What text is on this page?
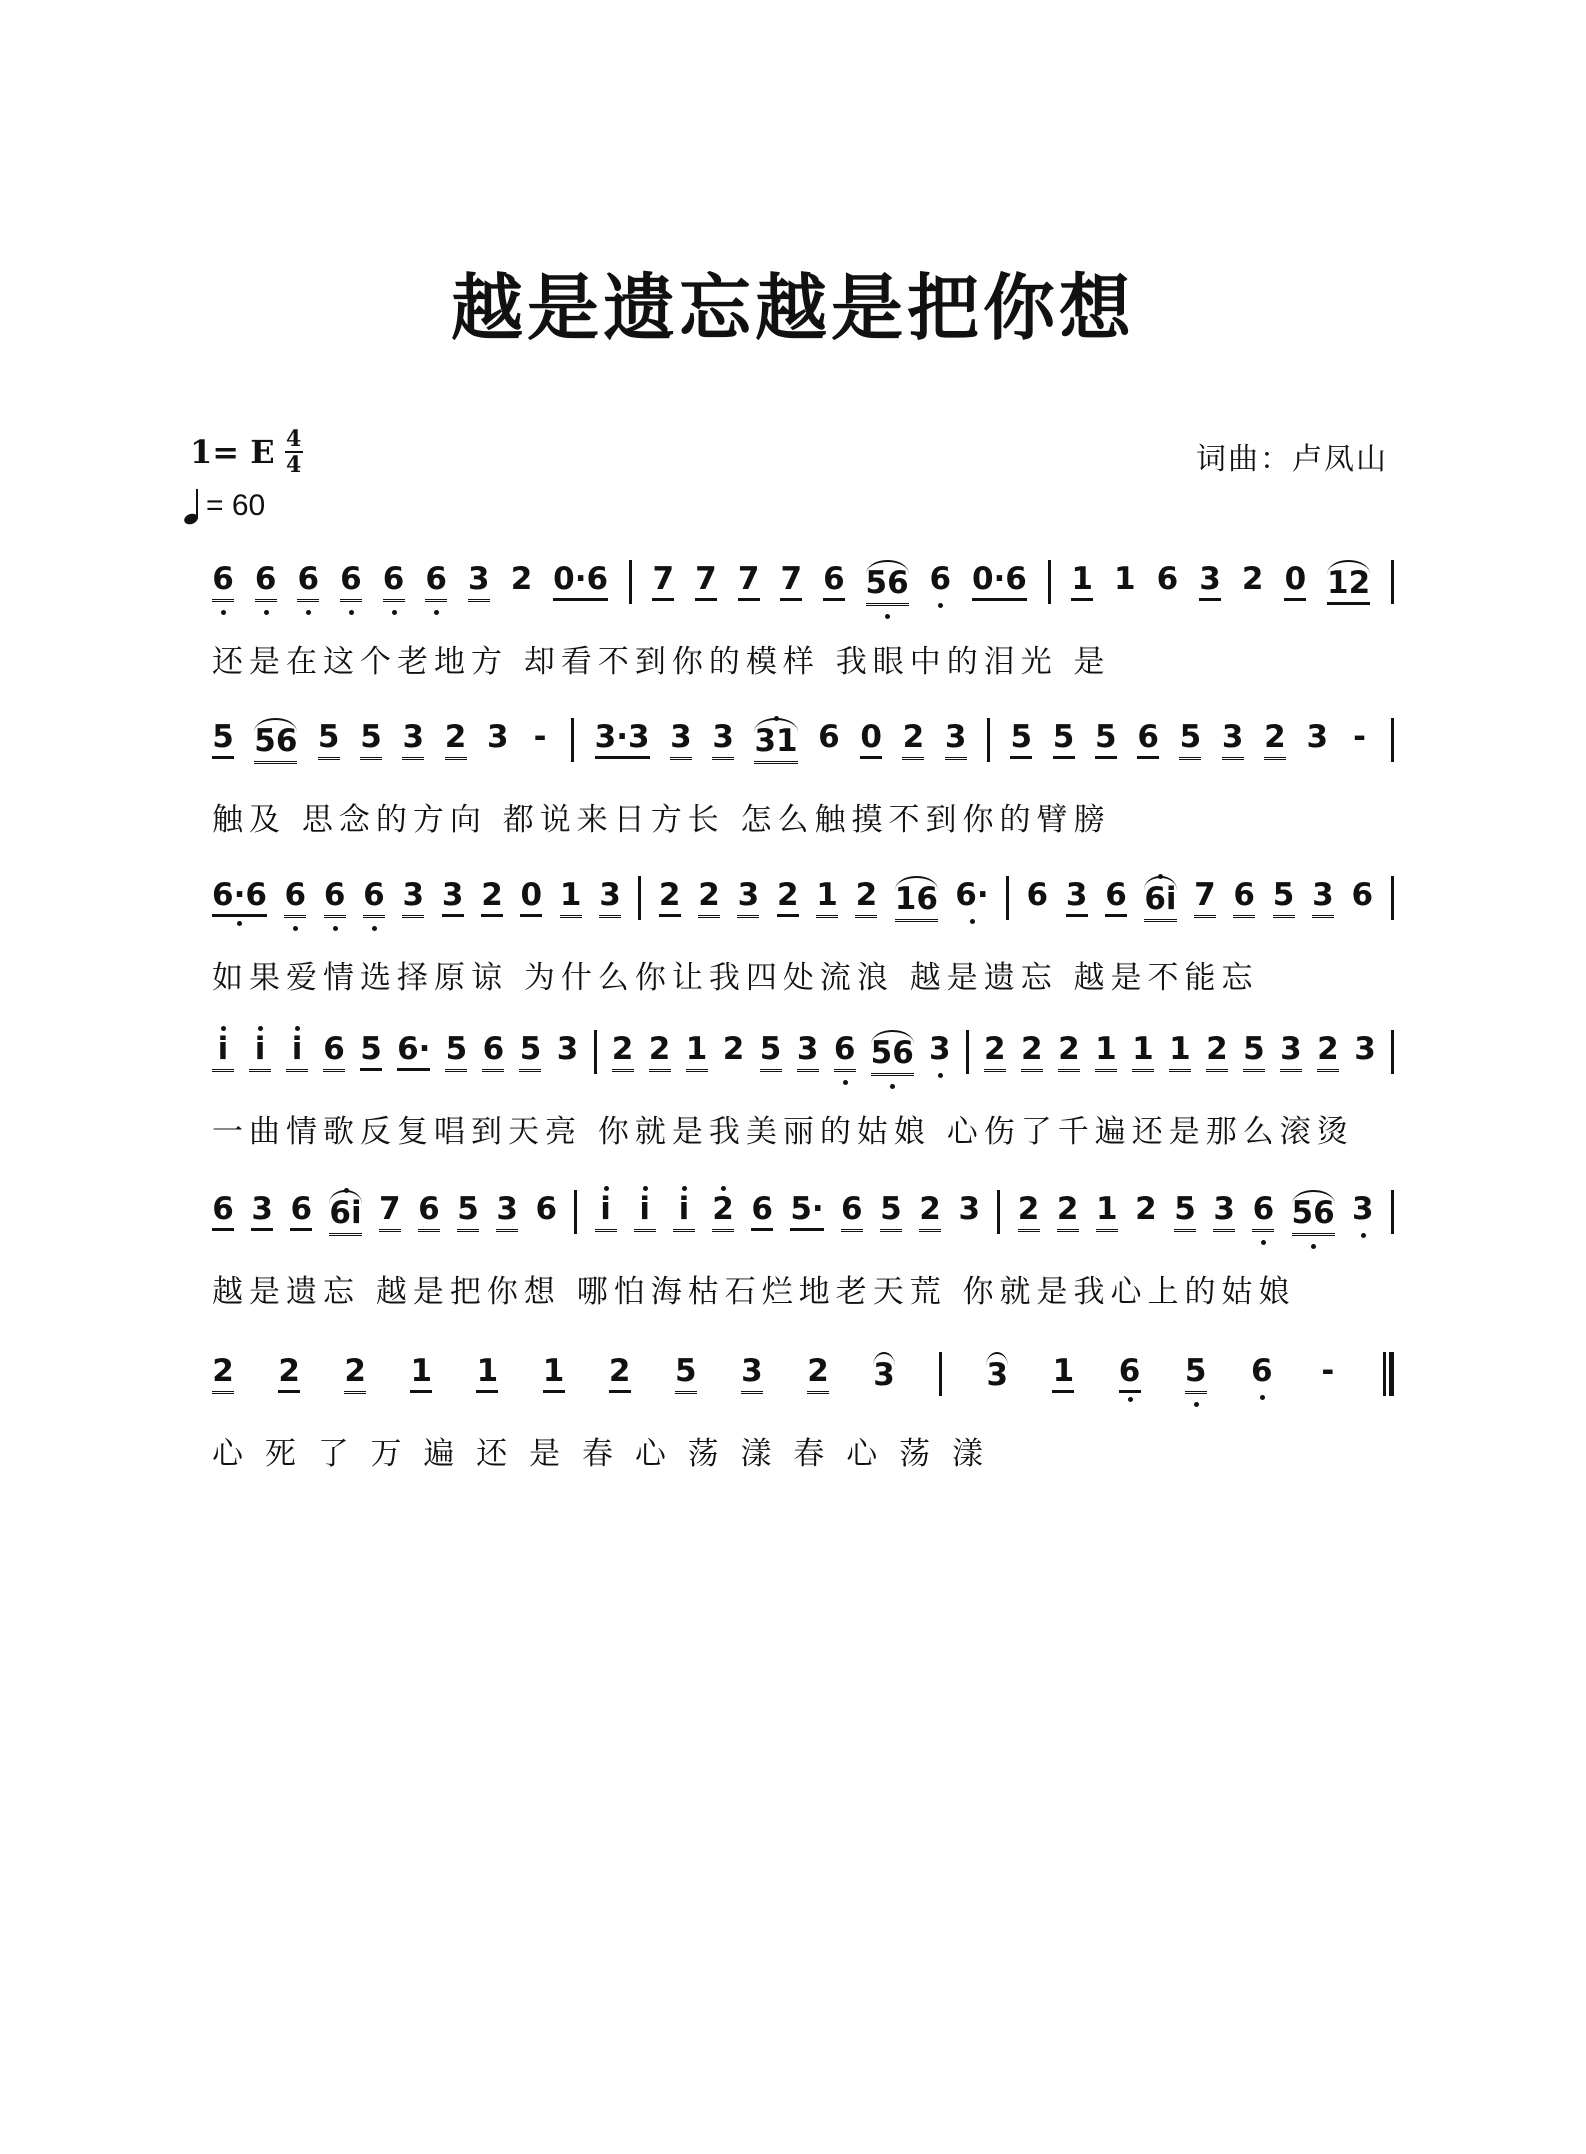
越是遗忘越是把你想
1= E $\frac{4}{4}$
= 60
词曲：卢凤山
6 6 6 6 6 6 3 2 0·6 7 7 7 7 6 56 6 0·6 1 1 6 3 2 0 12
还是在这个老地方 却看不到你的模样 我眼中的泪光 是
5 56 5 5 3 2 3 - 3·3 3 3 31 6 0 2 3 5 5 5 6 5 3 2 3 -
触及 思念的方向 都说来日方长 怎么触摸不到你的臂膀
6·6 6 6 6 3 3 2 0 1 3 2 2 3 2 1 2 16 6· 6 3 6 6i 7 6 5 3 6
如果爱情选择原谅 为什么你让我四处流浪 越是遗忘 越是不能忘
i i i 6 5 6· 5 6 5 3 2 2 1 2 5 3 6 56 3 2 2 2 1 1 1 2 5 3 2 3
一曲情歌反复唱到天亮 你就是我美丽的姑娘 心伤了千遍还是那么滚烫
6 3 6 6i 7 6 5 3 6 i i i 2 6 5· 6 5 2 3 2 2 1 2 5 3 6 56 3
越是遗忘 越是把你想 哪怕海枯石烂地老天荒 你就是我心上的姑娘
2 2 2 1 1 1 2 5 3 2 3	3 1 6 5 6 -
心 死 了 万 遍 还 是 春 心 荡 漾 春 心 荡 漾
